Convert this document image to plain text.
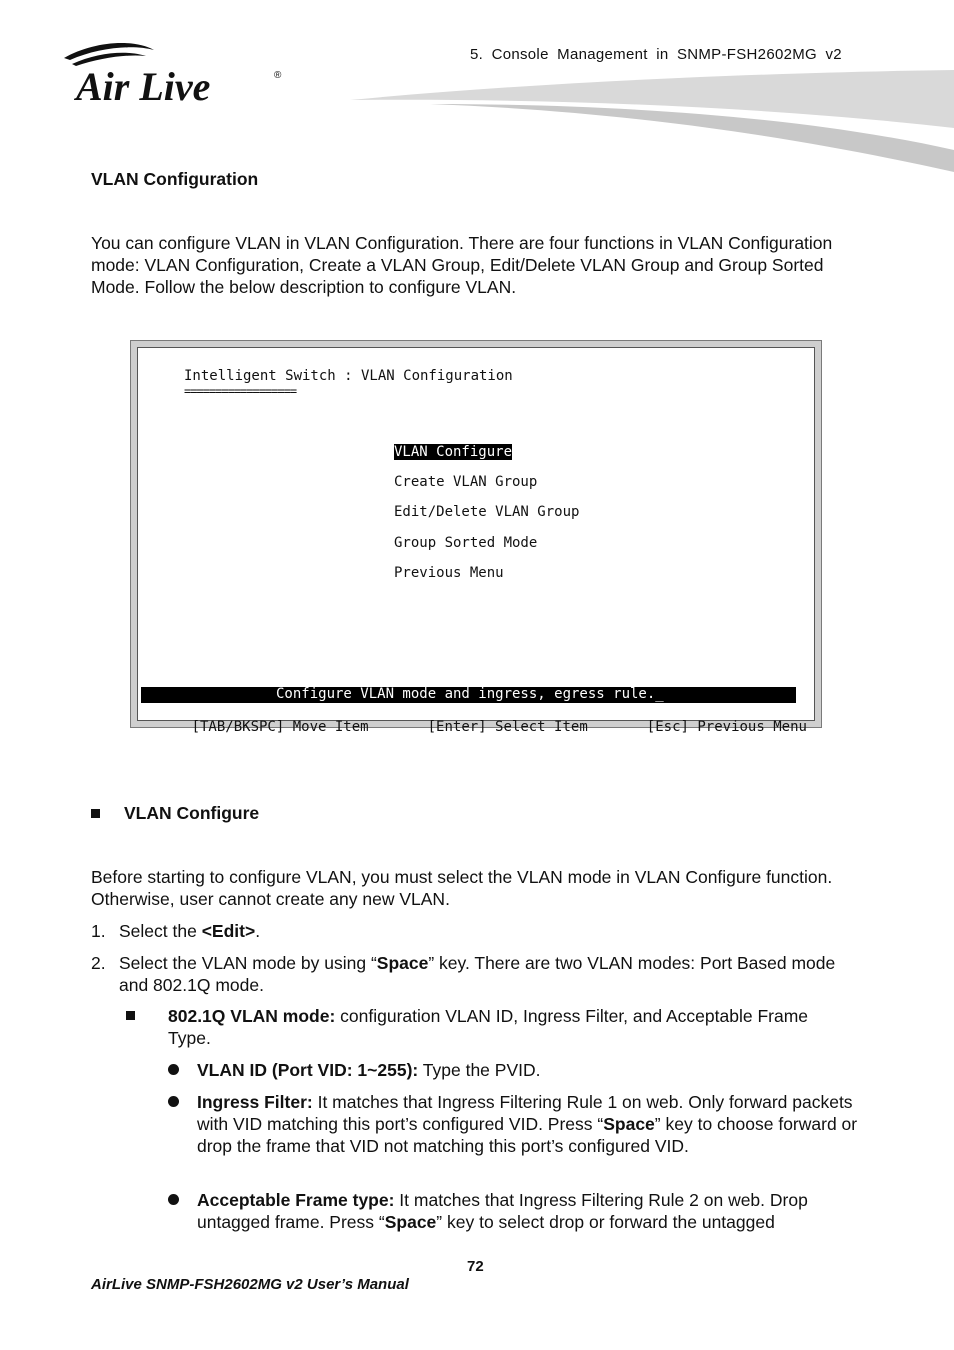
Air Live	®
5. Console Management in SNMP-FSH2602MG v2
VLAN Configuration
You can configure VLAN in VLAN Configuration. There are four functions in VLAN Configuration mode: VLAN Configuration, Create a VLAN Group, Edit/Delete VLAN Group and Group Sorted Mode. Follow the below description to configure VLAN.
Intelligent Switch : VLAN Configuration
==================
VLAN Configure
Create VLAN Group
Edit/Delete VLAN Group
Group Sorted Mode
Previous Menu
Configure VLAN mode and ingress, egress rule._

[TAB/BKSPC] Move Item	[Enter] Select Item	[Esc] Previous Menu

VLAN Configure
Before starting to configure VLAN, you must select the VLAN mode in VLAN Configure function. Otherwise, user cannot create any new VLAN.
1. Select the <Edit>.
2. Select the VLAN mode by using “Space” key. There are two VLAN modes: Port Based mode and 802.1Q mode.
802.1Q VLAN mode: configuration VLAN ID, Ingress Filter, and Acceptable Frame Type.
VLAN ID (Port VID: 1~255): Type the PVID.
Ingress Filter: It matches that Ingress Filtering Rule 1 on web. Only forward packets with VID matching this port’s configured VID. Press “Space” key to choose forward or drop the frame that VID not matching this port’s configured VID.
Acceptable Frame type: It matches that Ingress Filtering Rule 2 on web. Drop untagged frame. Press “Space” key to select drop or forward the untagged
72
AirLive SNMP-FSH2602MG v2 User’s Manual
